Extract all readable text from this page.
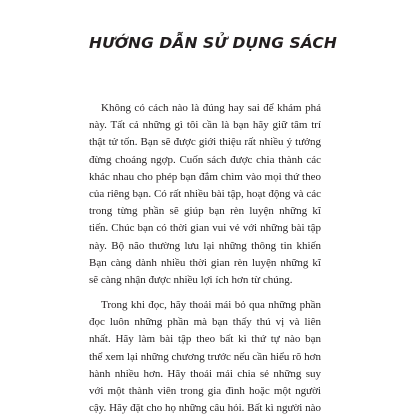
HƯỚNG DẪN SỬ DỤNG SÁCH
Không có cách nào là đúng hay sai để khám phá
này. Tất cả những gì tôi cần là bạn hãy giữ tâm trí
thật tử tốn. Bạn sẽ được giới thiệu rất nhiều ý tưởng
đừng choáng ngợp. Cuốn sách được chia thành các
khác nhau cho phép bạn đắm chìm vào mọi thứ theo
của riêng bạn. Có rất nhiều bài tập, hoạt động và các
trong từng phần sẽ giúp bạn rèn luyện những kĩ
tiến. Chúc bạn có thời gian vui vẻ với những bài tập
này. Bộ não thường lưu lại những thông tin khiến
Bạn càng dành nhiều thời gian rèn luyện những kĩ
sẽ càng nhận được nhiều lợi ích hơn từ chúng.
Trong khi đọc, hãy thoải mái bỏ qua những phần
đọc luôn những phần mà bạn thấy thú vị và liên
nhất. Hãy làm bài tập theo bất kì thứ tự nào bạn
thể xem lại những chương trước nếu cần hiểu rõ hơn
hành nhiều hơn. Hãy thoải mái chia sẻ những suy
với một thành viên trong gia đình hoặc một người
cậy. Hãy đặt cho họ những câu hỏi. Bất kì người nào
